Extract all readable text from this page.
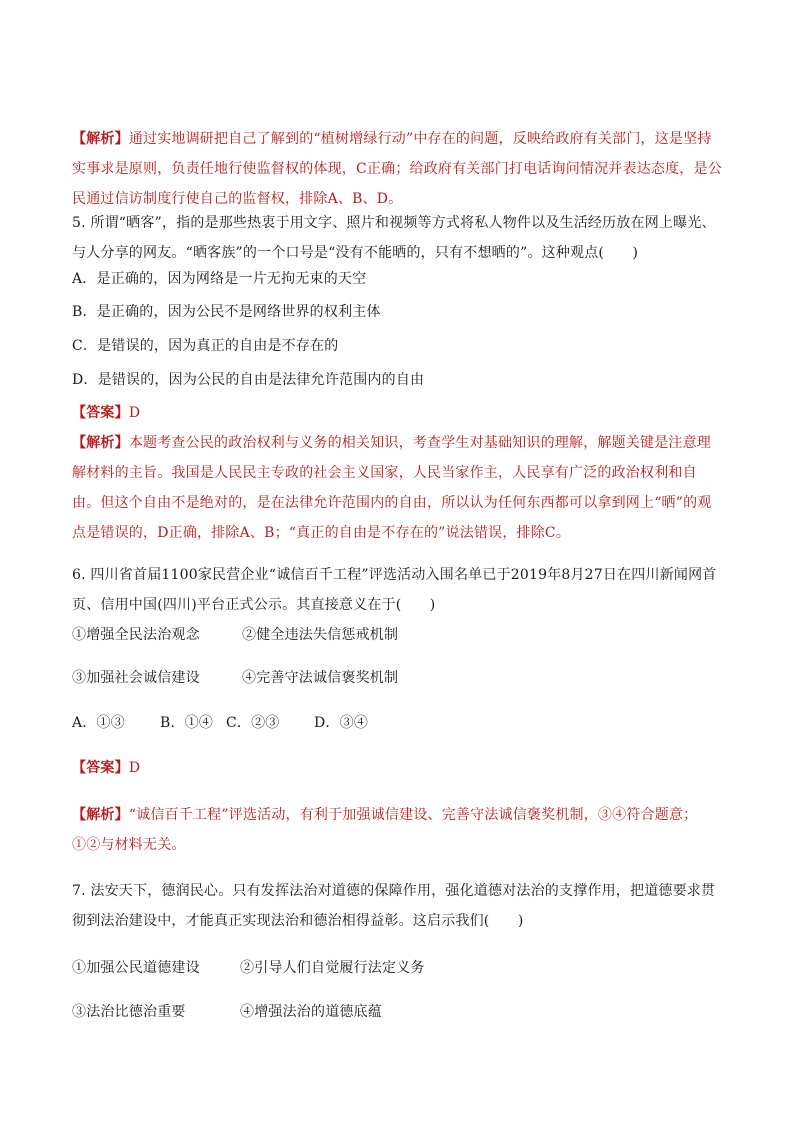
【解析】通过实地调研把自己了解到的“植树增绿行动”中存在的问题，反映给政府有关部门，这是坚持实事求是原则，负责任地行使监督权的体现，C正确；给政府有关部门打电话询问情况并表达态度，是公民通过信访制度行使自己的监督权，排除A、B、D。

5. 所谓“晒客”，指的是那些热衷于用文字、照片和视频等方式将私人物件以及生活经历放在网上曝光、与人分享的网友。“晒客族”的一个口号是“没有不能晒的，只有不想晒的”。这种观点(　　)

A．是正确的，因为网络是一片无拘无束的天空

B．是正确的，因为公民不是网络世界的权利主体

C．是错误的，因为真正的自由是不存在的

D．是错误的，因为公民的自由是法律允许范围内的自由

【答案】D

【解析】本题考查公民的政治权利与义务的相关知识，考查学生对基础知识的理解，解题关键是注意理解材料的主旨。我国是人民民主专政的社会主义国家，人民当家作主，人民享有广泛的政治权利和自由。但这个自由不是绝对的，是在法律允许范围内的自由，所以认为任何东西都可以拿到网上“晒”的观点是错误的，D正确，排除A、B；“真正的自由是不存在的”说法错误，排除C。

6. 四川省首届1100家民营企业“诚信百千工程”评选活动入围名单已于2019年8月27日在四川新闻网首页、信用中国(四川)平台正式公示。其直接意义在于(　　)

①增强全民法治观念	②健全违法失信惩戒机制

③加强社会诚信建设	④完善守法诚信褒奖机制

A．①③	B．①④ C．②③ D．③④

【答案】D

【解析】“诚信百千工程”评选活动，有利于加强诚信建设、完善守法诚信褒奖机制，③④符合题意；①②与材料无关。

7. 法安天下，德润民心。只有发挥法治对道德的保障作用，强化道德对法治的支撑作用，把道德要求贯彻到法治建设中，才能真正实现法治和德治相得益彰。这启示我们(　　)

①加强公民道德建设	②引导人们自觉履行法定义务

③法治比德治重要	④增强法治的道德底蕴
